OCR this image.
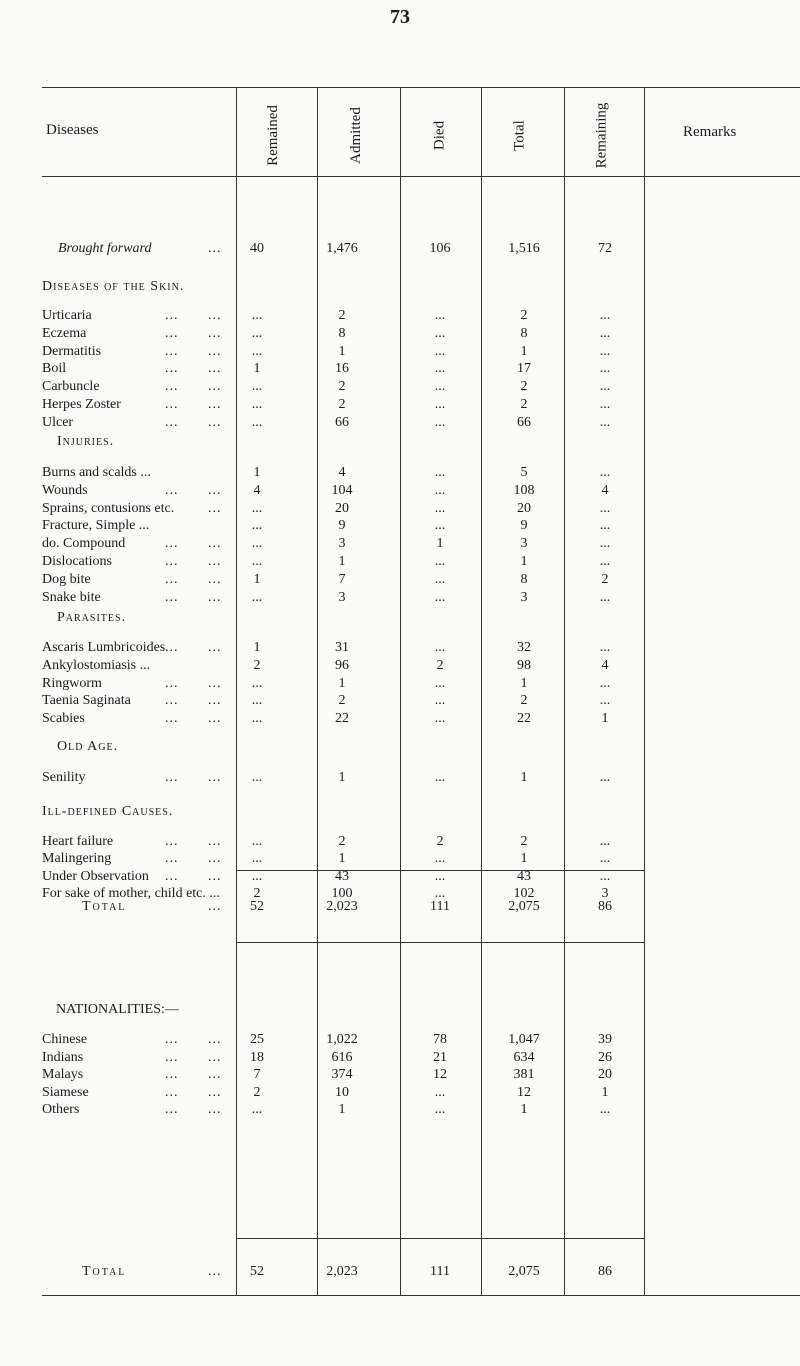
73
Diseases	Remained	Admitted	Died	Total	Remaining	Remarks
Brought forward	...	40	1,476	106	1,516	72
Diseases of the Skin.
Urticaria	... ...	...	2	...	2	...
Eczema	... ...	...	8	...	8	...
Dermatitis	... ...	...	1	...	1	...
Boil	... ...	1	16	...	17	...
Carbuncle	... ...	...	2	...	2	...
Herpes Zoster	... ...	...	2	...	2	...
Ulcer	... ...	...	66	...	66	...
Injuries.
Burns and scalds ...	1	4	...	5	...
Wounds	... ...	4	104	...	108	4
Sprains, contusions etc. ...	...	20	...	20	...
Fracture, Simple ...	...	9	...	9	...
do. Compound	... ...	...	3	1	3	...
Dislocations	... ...	...	1	...	1	...
Dog bite	... ...	1	7	...	8	2
Snake bite	... ...	...	3	...	3	...
Parasites.
Ascaris Lumbricoides ... ...	1	31	...	32	...
Ankylostomiasis ...	2	96	2	98	4
Ringworm	... ...	...	1	...	1	...
Taenia Saginata ... ...	...	2	...	2	...
Scabies	... ...	...	22	...	22	1
Old Age.
Senility	... ...	...	1	...	1	...
Ill-defined Causes.
Heart failure	... ...	...	2	2	2	...
Malingering	... ...	...	1	...	1	...
Under Observation ... ...	...	43	...	43	...
For sake of mother, child etc. ...	2	100	...	102	3
Total	...	52	2,023	111	2,075	86
NATIONALITIES:—
Chinese	... ...	25	1,022	78	1,047	39
Indians	... ...	18	616	21	634	26
Malays	... ...	7	374	12	381	20
Siamese	... ...	2	10	...	12	1
Others	... ...	...	1	...	1	...
Total	...	52	2,023	111	2,075	86
